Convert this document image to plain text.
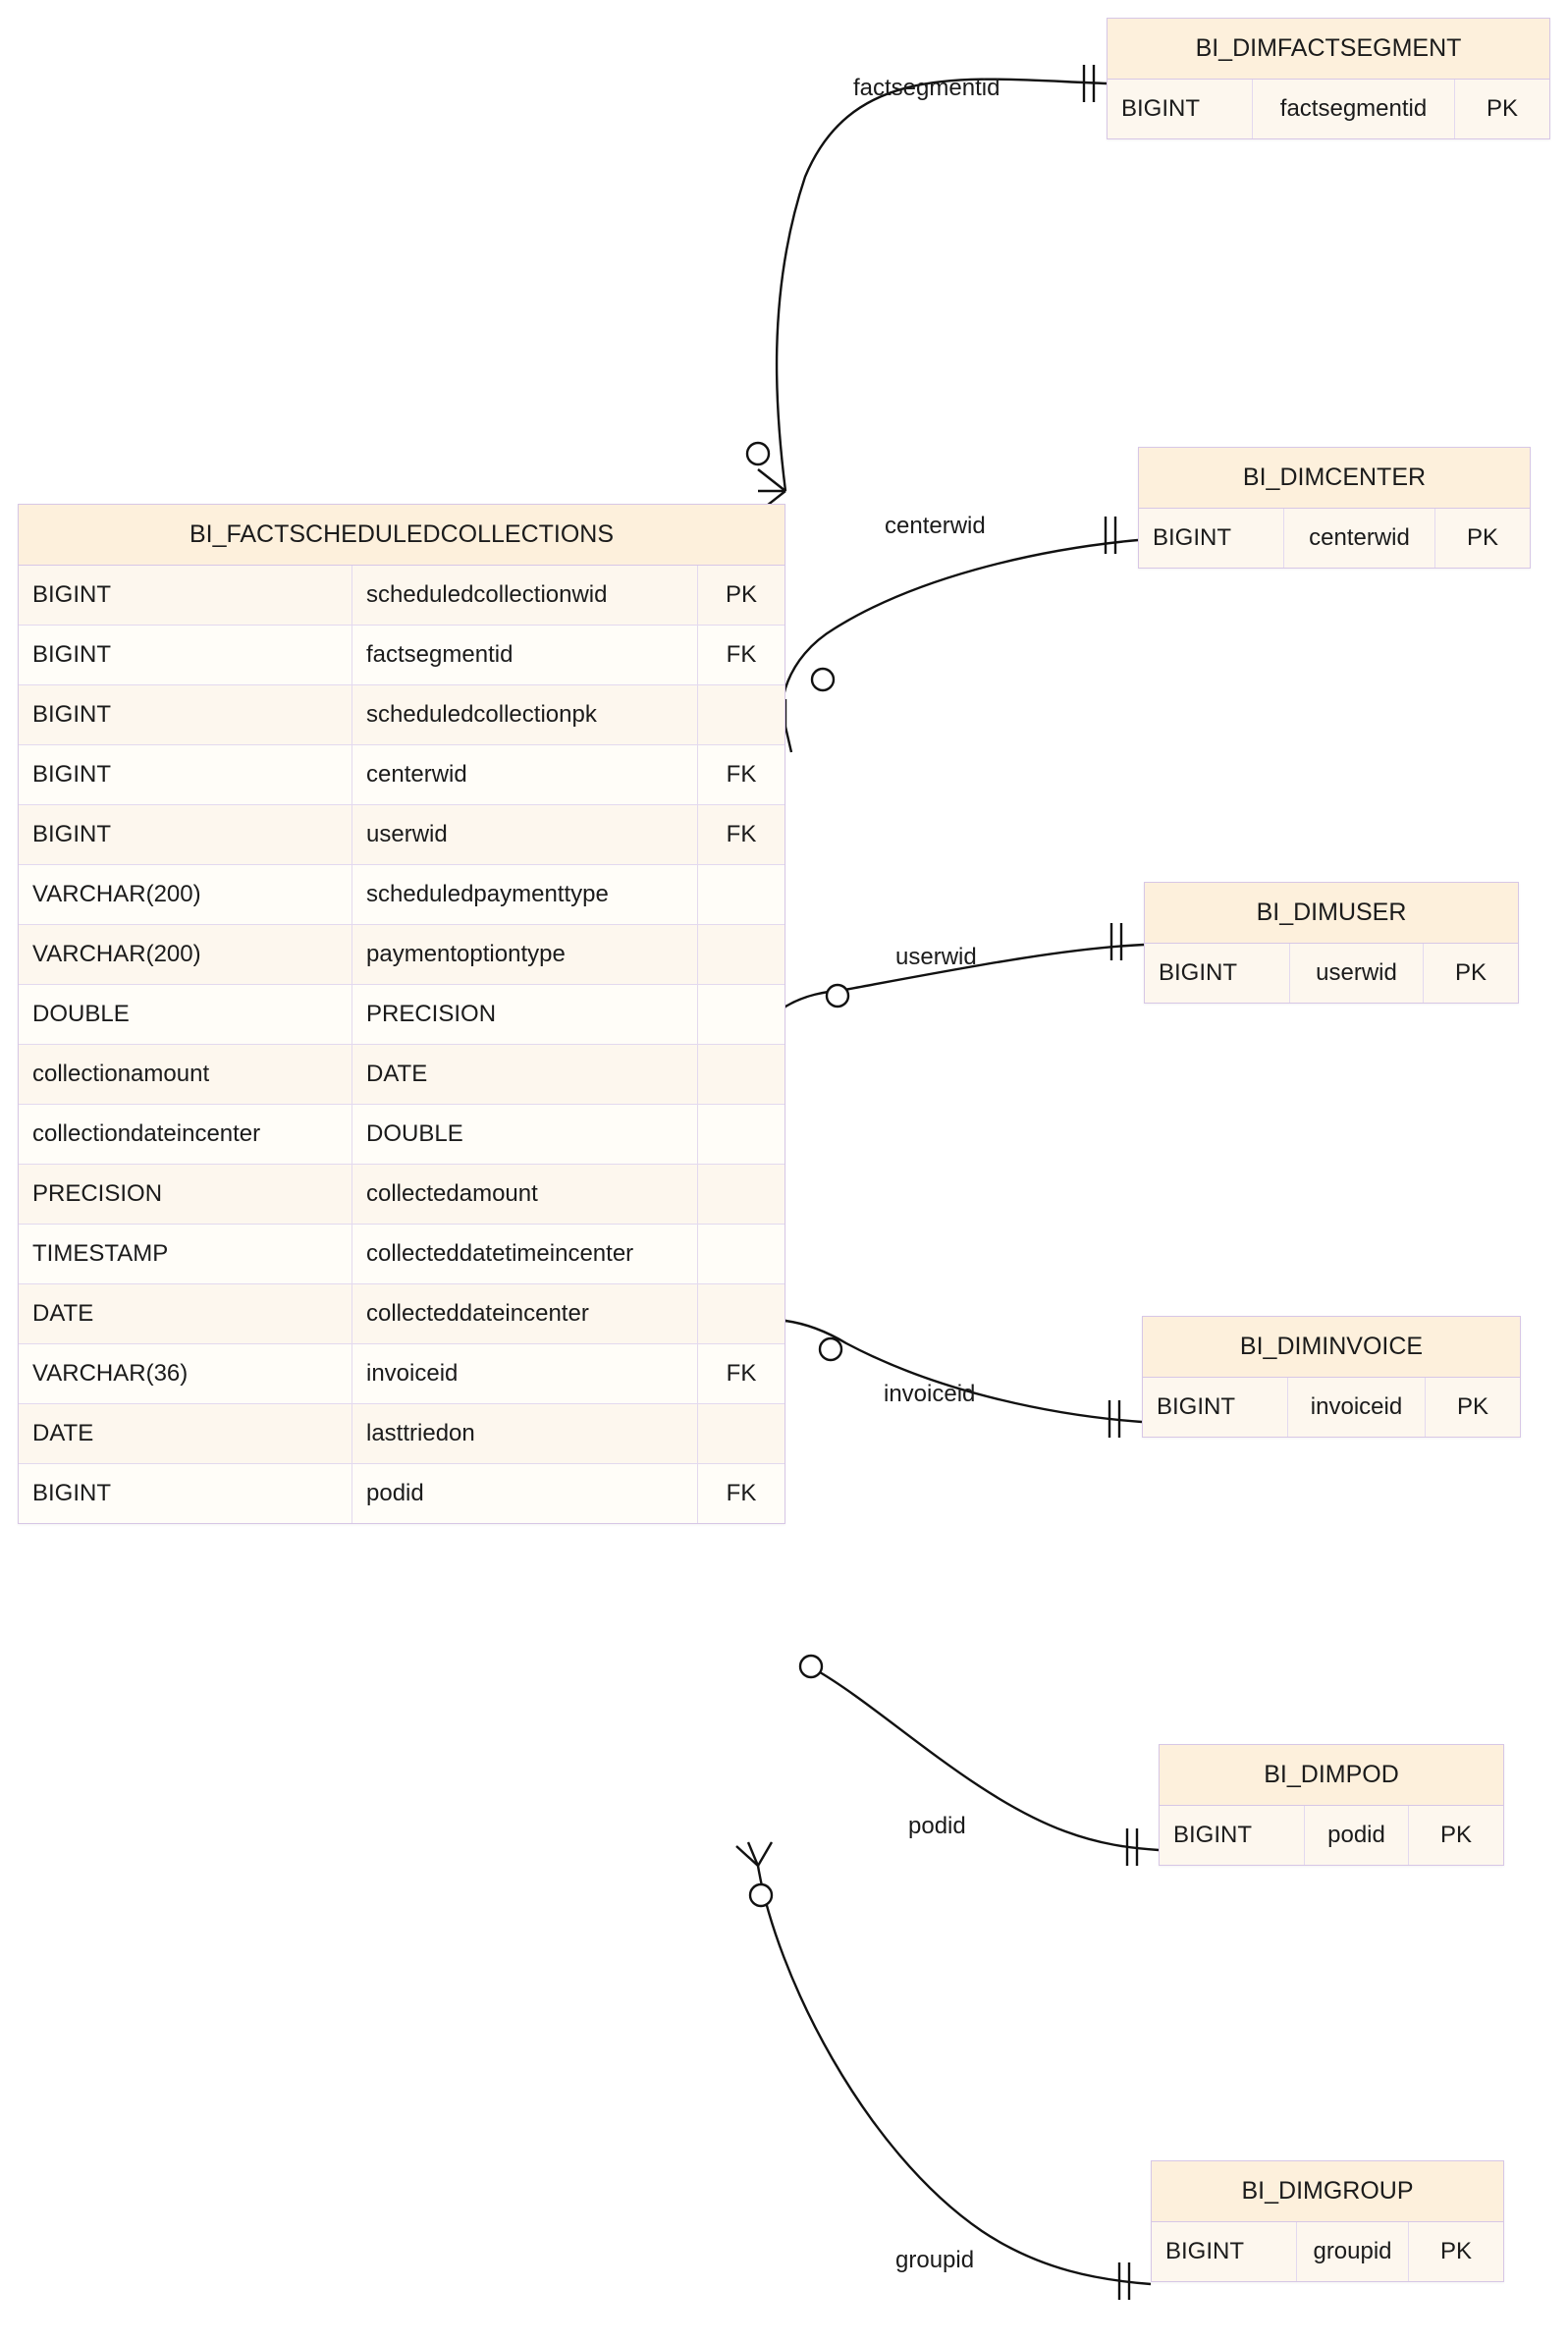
BI_FACTSCHEDULEDCOLLECTIONS
BIGINT	scheduledcollectionwid	PK
BIGINT	factsegmentid	FK
BIGINT	scheduledcollectionpk
BIGINT	centerwid	FK
BIGINT	userwid	FK
VARCHAR(200)	scheduledpaymenttype
VARCHAR(200)	paymentoptiontype
DOUBLE	PRECISION
collectionamount	DATE
collectiondateincenter	DOUBLE
PRECISION	collectedamount
TIMESTAMP	collecteddatetimeincenter
DATE	collecteddateincenter
VARCHAR(36)	invoiceid	FK
DATE	lasttriedon
BIGINT	podid	FK
BI_DIMFACTSEGMENT
BIGINT	factsegmentid	PK
BI_DIMCENTER
BIGINT	centerwid	PK
BI_DIMUSER
BIGINT	userwid	PK
BI_DIMINVOICE
BIGINT	invoiceid	PK
BI_DIMPOD
BIGINT	podid	PK
BI_DIMGROUP
BIGINT	groupid	PK
factsegmentid
centerwid
userwid
invoiceid
podid
groupid
